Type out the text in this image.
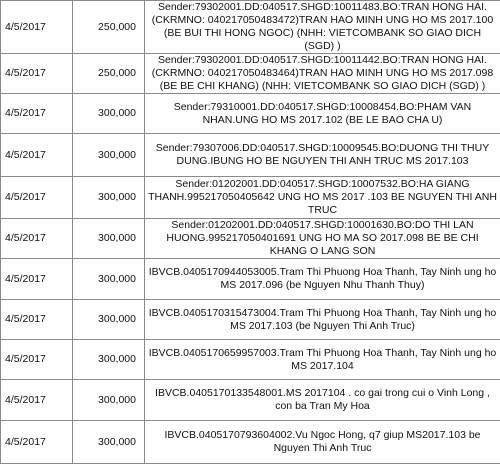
4/5/2017	250,000	Sender:79302001.DD:040517.SHGD:10011483.BO:TRAN HONG HAI.(CKRMNO: 040217050483472)TRAN HAO MINH UNG HO MS 2017.100 (BE BUI THI HONG NGOC) (NHH: VIETCOMBANK SO GIAO DICH (SGD) )
4/5/2017	250,000	Sender:79302001.DD:040517.SHGD:10011442.BO:TRAN HONG HAI.(CKRMNO: 040217050483464)TRAN HAO MINH UNG HO MS 2017.098 (BE BE CHI KHANG) (NHH: VIETCOMBANK SO GIAO DICH (SGD) )
4/5/2017	300,000	Sender:79310001.DD:040517.SHGD:10008454.BO:PHAM VAN NHAN.UNG HO MS 2017.102 (BE LE BAO CHA U)
4/5/2017	300,000	Sender:79307006.DD:040517.SHGD:10009545.BO:DUONG THI THUY DUNG.IBUNG HO BE NGUYEN THI ANH TRUC MS 2017.103
4/5/2017	300,000	Sender:01202001.DD:040517.SHGD:10007532.BO:HA GIANG THANH.995217050405642 UNG HO MS 2017 .103 BE NGUYEN THI ANH TRUC
4/5/2017	300,000	Sender:01202001.DD:040517.SHGD:10001630.BO:DO THI LAN HUONG.995217050401691 UNG HO MA SO 2017.098 BE BE CHI KHANG O LANG SON
4/5/2017	300,000	IBVCB.0405170944053005.Tram Thi Phuong Hoa Thanh, Tay Ninh ung ho MS 2017.096 (be Nguyen Nhu Thanh Thuy)
4/5/2017	300,000	IBVCB.0405170315473004.Tram Thi Phuong Hoa Thanh, Tay Ninh ung ho MS 2017.103 (be Nguyen Thi Anh Truc)
4/5/2017	300,000	IBVCB.0405170659957003.Tram Thi Phuong Hoa Thanh, Tay Ninh ung ho MS 2017.104
4/5/2017	300,000	IBVCB.0405170133548001.MS 2017104 . co gai trong cui o Vinh Long , con ba Tran My Hoa
4/5/2017	300,000	IBVCB.0405170793604002.Vu Ngoc Hong, q7 giup MS2017.103 be Nguyen Thi Anh Truc
